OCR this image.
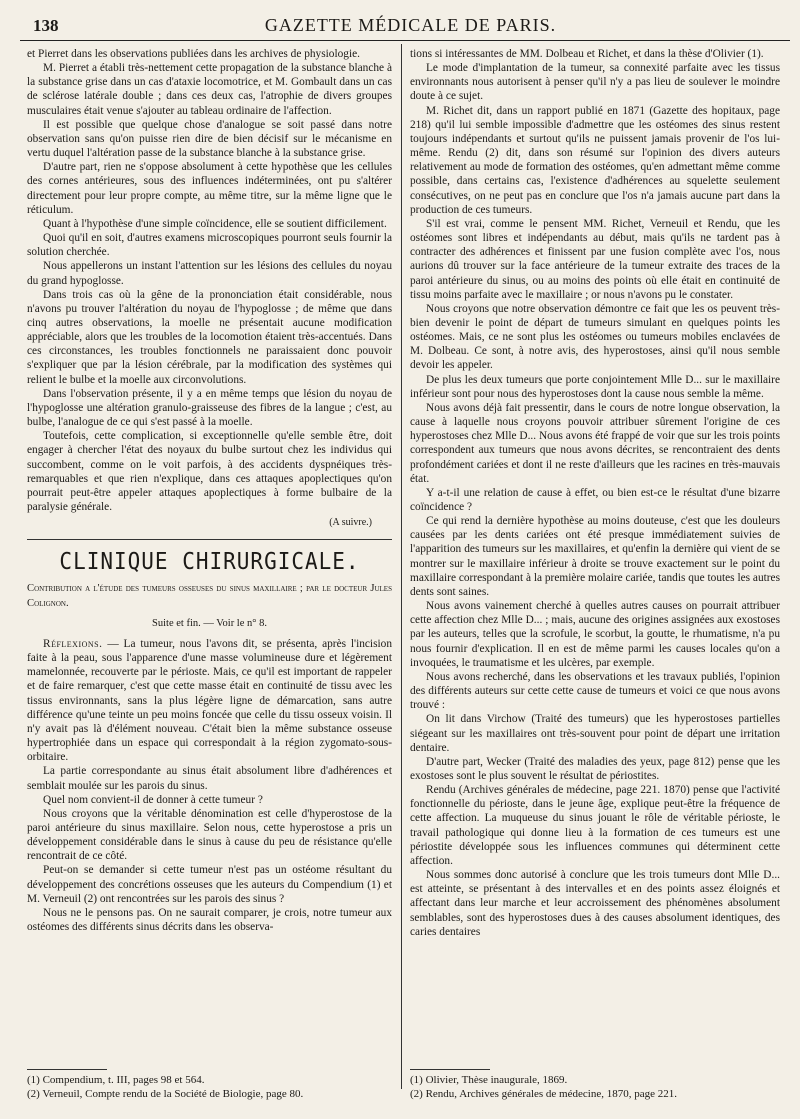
138	GAZETTE MÉDICALE DE PARIS.

et Pierret dans les observations publiées dans les archives de physiologie.

M. Pierret a établi très-nettement cette propagation de la substance blanche à la substance grise dans un cas d'ataxie locomotrice, et M. Gombault dans un cas de sclérose latérale double ; dans ces deux cas, l'atrophie de divers groupes musculaires était venue s'ajouter au tableau ordinaire de l'affection.

Il est possible que quelque chose d'analogue se soit passé dans notre observation sans qu'on puisse rien dire de bien décisif sur le mécanisme en vertu duquel l'altération passe de la substance blanche à la substance grise.

D'autre part, rien ne s'oppose absolument à cette hypothèse que les cellules des cornes antérieures, sous des influences indéterminées, ont pu s'altérer directement pour leur propre compte, au même titre, sur la même ligne que le réticulum.

Quant à l'hypothèse d'une simple coïncidence, elle se soutient difficilement.

Quoi qu'il en soit, d'autres examens microscopiques pourront seuls fournir la solution cherchée.

Nous appellerons un instant l'attention sur les lésions des cellules du noyau du grand hypoglosse.

Dans trois cas où la gêne de la prononciation était considérable, nous n'avons pu trouver l'altération du noyau de l'hypoglosse ; de même que dans cinq autres observations, la moelle ne présentait aucune modification appréciable, alors que les troubles de la locomotion étaient très-accentués. Dans ces circonstances, les troubles fonctionnels ne paraissaient donc pouvoir s'expliquer que par la lésion cérébrale, par la modification des systèmes qui relient le bulbe et la moelle aux circonvolutions.

Dans l'observation présente, il y a en même temps que lésion du noyau de l'hypoglosse une altération granulo-graisseuse des fibres de la langue ; c'est, au bulbe, l'analogue de ce qui s'est passé à la moelle.

Toutefois, cette complication, si exceptionnelle qu'elle semble être, doit engager à chercher l'état des noyaux du bulbe surtout chez les individus qui succombent, comme on le voit parfois, à des accidents dyspnéiques très-remarquables et que rien n'explique, dans ces attaques apoplectiques qu'on pourrait peut-être appeler attaques apoplectiques à forme bulbaire de la paralysie générale.

(A suivre.)
CLINIQUE CHIRURGICALE.

Contribution a l'étude des tumeurs osseuses du sinus maxillaire ; par le docteur Jules Colignon.

Suite et fin. — Voir le n° 8.

Réflexions. — La tumeur, nous l'avons dit, se présenta, après l'incision faite à la peau, sous l'apparence d'une masse volumineuse dure et légèrement mamelonnée, recouverte par le périoste. Mais, ce qu'il est important de rappeler et de faire remarquer, c'est que cette masse était en continuité de tissu avec les tissus environnants, sans la plus légère ligne de démarcation, sans autre différence qu'une teinte un peu moins foncée que celle du tissu osseux voisin. Il n'y avait pas là d'élément nouveau. C'était bien la même substance osseuse hypertrophiée dans un espace qui correspondait à la région zygomato-sous-orbitaire.

La partie correspondante au sinus était absolument libre d'adhérences et semblait moulée sur les parois du sinus.

Quel nom convient-il de donner à cette tumeur ?

Nous croyons que la véritable dénomination est celle d'hyperostose de la paroi antérieure du sinus maxillaire. Selon nous, cette hyperostose a pris un développement considérable dans le sinus à cause du peu de résistance qu'elle rencontrait de ce côté.

Peut-on se demander si cette tumeur n'est pas un ostéome résultant du développement des concrétions osseuses que les auteurs du Compendium (1) et M. Verneuil (2) ont rencontrées sur les parois des sinus ?

Nous ne le pensons pas. On ne saurait comparer, je crois, notre tumeur aux ostéomes des différents sinus décrits dans les observa-

tions si intéressantes de MM. Dolbeau et Richet, et dans la thèse d'Olivier (1).

Le mode d'implantation de la tumeur, sa connexité parfaite avec les tissus environnants nous autorisent à penser qu'il n'y a pas lieu de soulever le moindre doute à ce sujet.

M. Richet dit, dans un rapport publié en 1871 (Gazette des hopitaux, page 218) qu'il lui semble impossible d'admettre que les ostéomes des sinus restent toujours indépendants et surtout qu'ils ne puissent jamais provenir de l'os lui-même. Rendu (2) dit, dans son résumé sur l'opinion des divers auteurs relativement au mode de formation des ostéomes, qu'en admettant même comme possible, dans certains cas, l'existence d'adhérences au squelette seulement consécutives, on ne peut pas en conclure que l'os n'a jamais aucune part dans la production de ces tumeurs.

S'il est vrai, comme le pensent MM. Richet, Verneuil et Rendu, que les ostéomes sont libres et indépendants au début, mais qu'ils ne tardent pas à contracter des adhérences et finissent par une fusion complète avec l'os, nous aurions dû trouver sur la face antérieure de la tumeur extraite des traces de la paroi antérieure du sinus, ou au moins des points où elle était en continuité de tissu moins parfaite avec le maxillaire ; or nous n'avons pu le constater.

Nous croyons que notre observation démontre ce fait que les os peuvent très-bien devenir le point de départ de tumeurs simulant en quelques points les ostéomes. Mais, ce ne sont plus les ostéomes ou tumeurs mobiles enclavées de M. Dolbeau. Ce sont, à notre avis, des hyperostoses, ainsi qu'il nous semble devoir les appeler.

De plus les deux tumeurs que porte conjointement Mlle D... sur le maxillaire inférieur sont pour nous des hyperostoses dont la cause nous semble la même.

Nous avons déjà fait pressentir, dans le cours de notre longue observation, la cause à laquelle nous croyons pouvoir attribuer sûrement l'origine de ces hyperostoses chez Mlle D... Nous avons été frappé de voir que sur les trois points correspondent aux tumeurs que nous avons décrites, se rencontraient des dents profondément cariées et dont il ne reste d'ailleurs que les racines en très-mauvais état.

Y a-t-il une relation de cause à effet, ou bien est-ce le résultat d'une bizarre coïncidence ?

Ce qui rend la dernière hypothèse au moins douteuse, c'est que les douleurs causées par les dents cariées ont été presque immédiatement suivies de l'apparition des tumeurs sur les maxillaires, et qu'enfin la dernière qui vient de se montrer sur le maxillaire inférieur à droite se trouve exactement sur le point du maxillaire correspondant à la première molaire cariée, tandis que toutes les autres dents sont saines.

Nous avons vainement cherché à quelles autres causes on pourrait attribuer cette affection chez Mlle D... ; mais, aucune des origines assignées aux exostoses par les auteurs, telles que la scrofule, le scorbut, la goutte, le rhumatisme, n'a pu nous fournir d'explication. Il en est de même parmi les causes locales qu'on a invoquées, le traumatisme et les ulcères, par exemple.

Nous avons recherché, dans les observations et les travaux publiés, l'opinion des différents auteurs sur cette cette cause de tumeurs et voici ce que nous avons trouvé :

On lit dans Virchow (Traité des tumeurs) que les hyperostoses partielles siégeant sur les maxillaires ont très-souvent pour point de départ une irritation dentaire.

D'autre part, Wecker (Traité des maladies des yeux, page 812) pense que les exostoses sont le plus souvent le résultat de périostites.

Rendu (Archives générales de médecine, page 221. 1870) pense que l'activité fonctionnelle du périoste, dans le jeune âge, explique peut-être la fréquence de cette affection. La muqueuse du sinus jouant le rôle de véritable périoste, le travail pathologique qui donne lieu à la formation de ces tumeurs est une périostite développée sous les influences communes qui déterminent cette affection.

Nous sommes donc autorisé à conclure que les trois tumeurs dont Mlle D... est atteinte, se présentant à des intervalles et en des points assez éloignés et affectant dans leur marche et leur accroissement des phénomènes absolument semblables, sont des hyperostoses dues à des causes absolument identiques, des caries dentaires

(1) Compendium, t. III, pages 98 et 564.
(2) Verneuil, Compte rendu de la Société de Biologie, page 80.
(1) Olivier, Thèse inaugurale, 1869.
(2) Rendu, Archives générales de médecine, 1870, page 221.
